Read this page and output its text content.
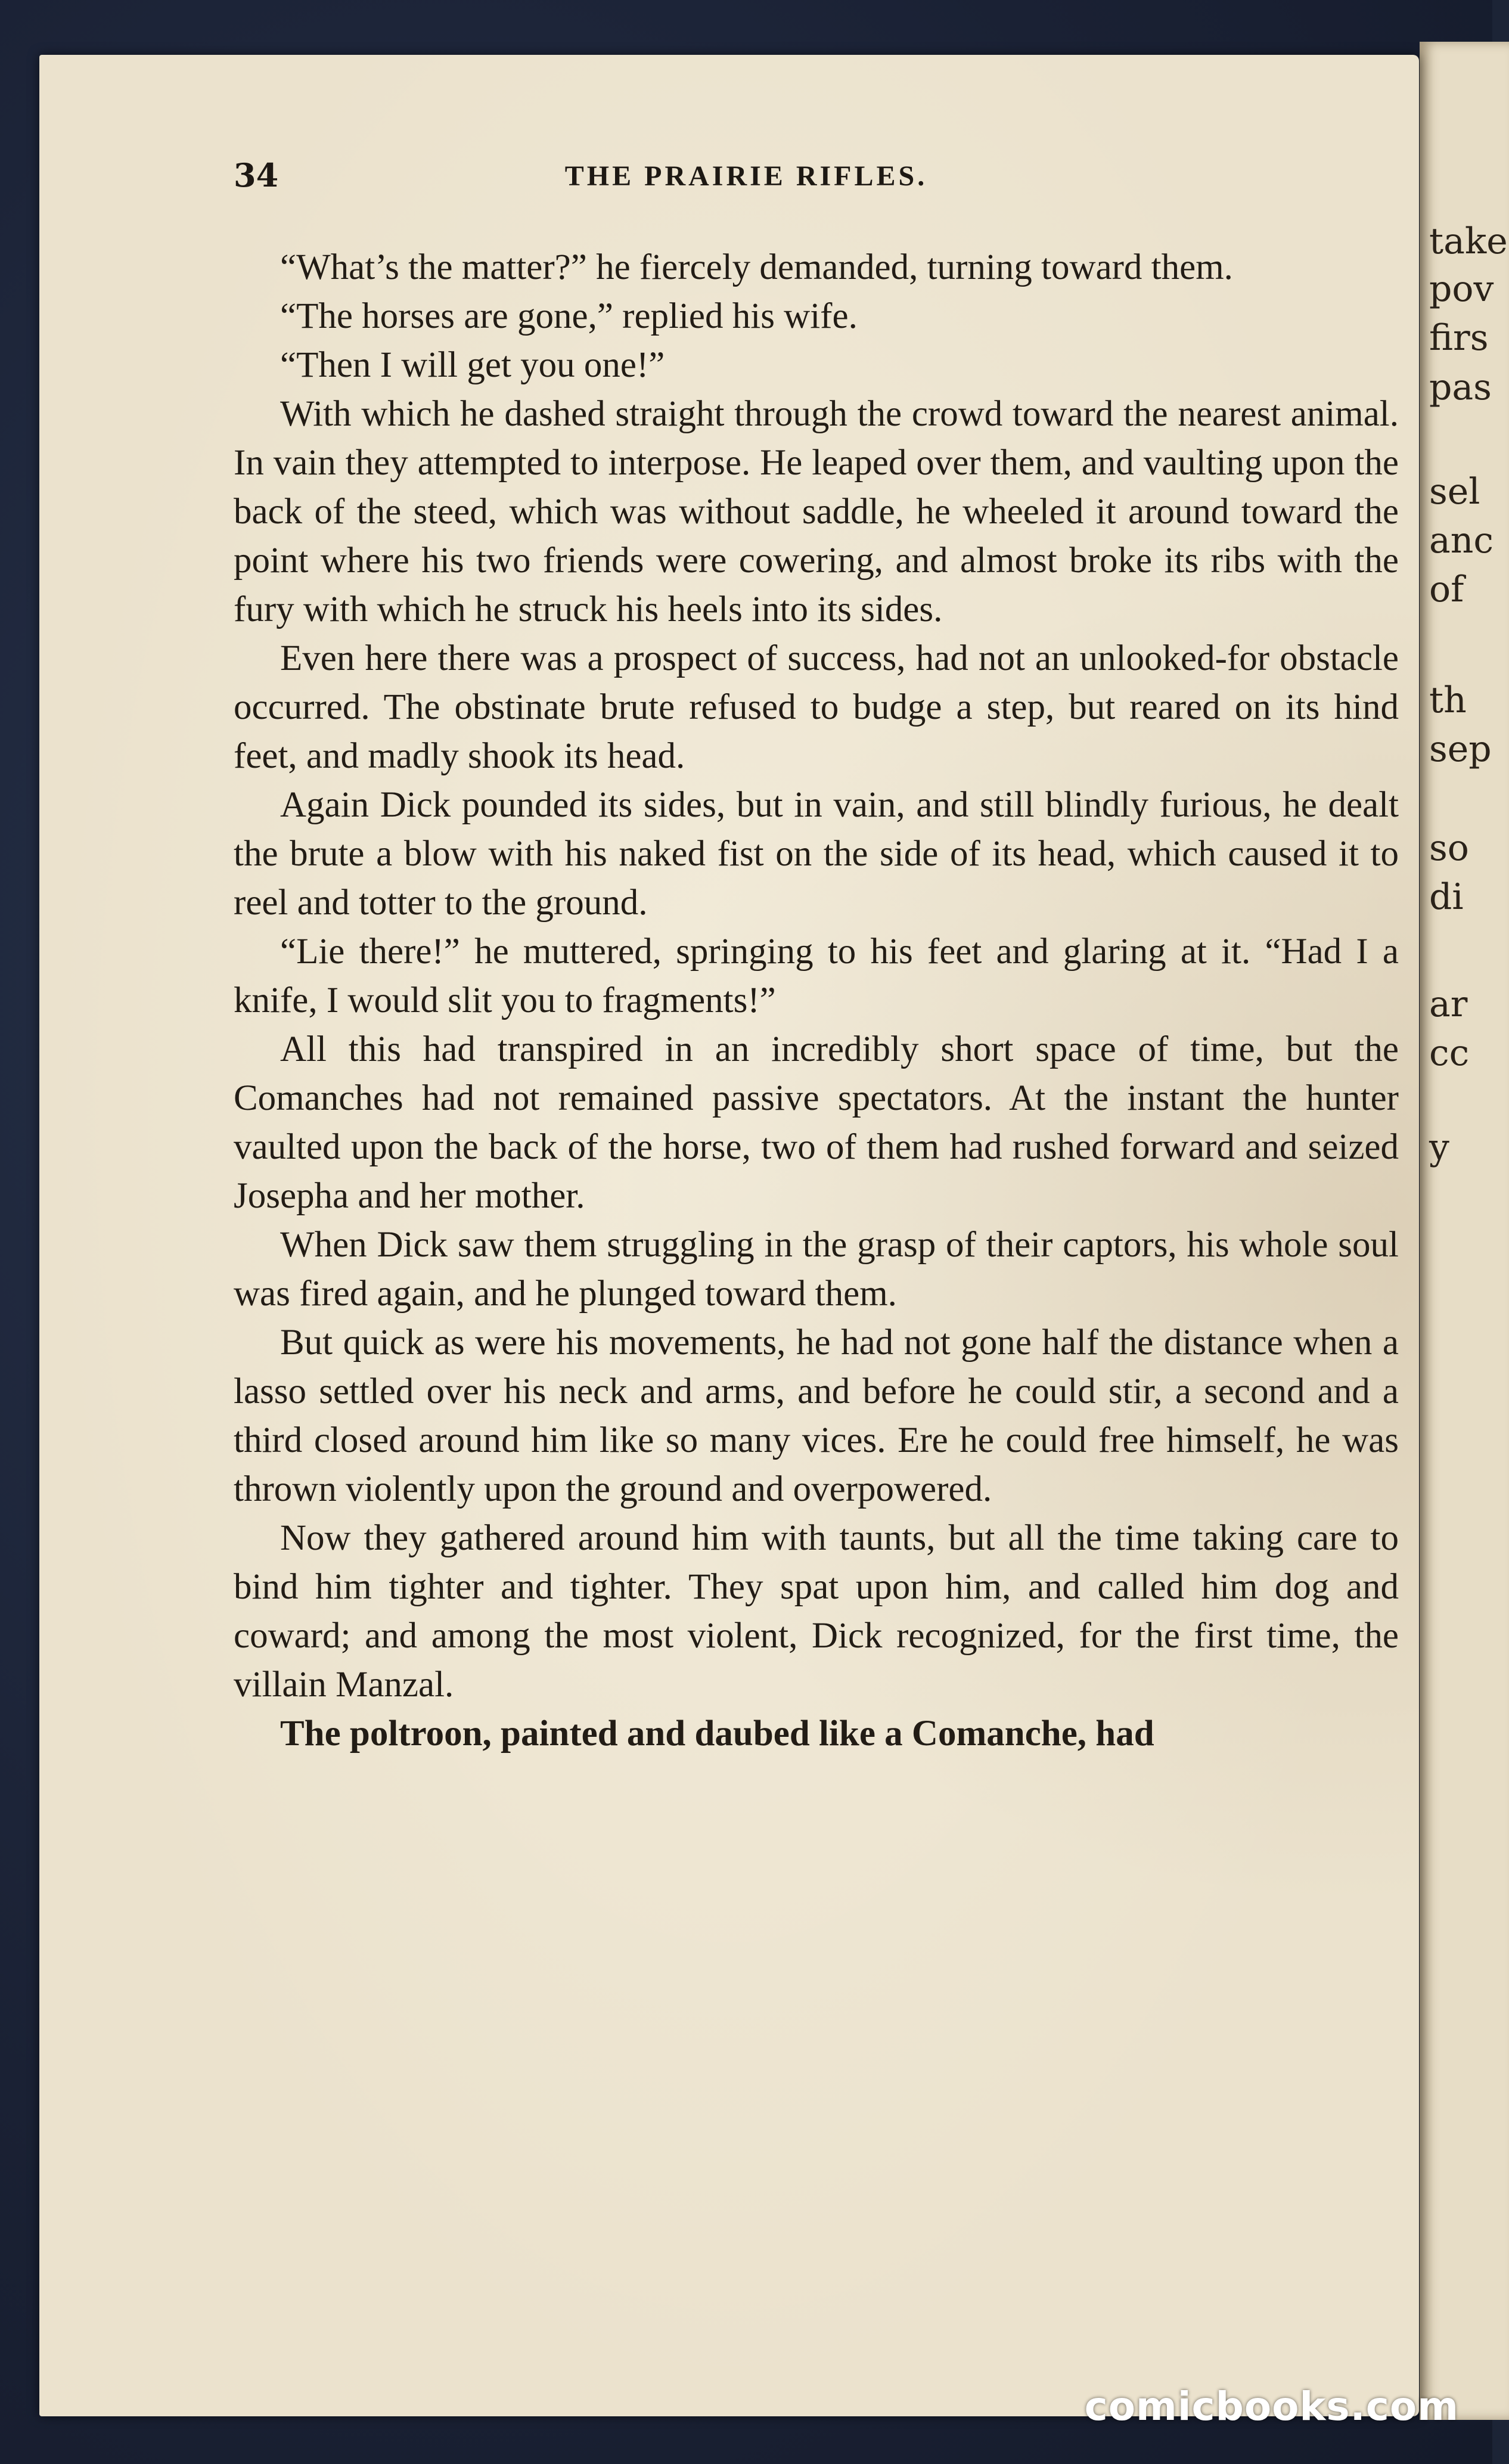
take
pov
firs
pas
sel
anc
of
th
sep
so
di
ar
cc
y
34	THE PRAIRIE RIFLES.

“What’s the matter?” he fiercely demanded, turning toward them.

“The horses are gone,” replied his wife.

“Then I will get you one!”

With which he dashed straight through the crowd toward the nearest animal. In vain they attempted to interpose. He leaped over them, and vaulting upon the back of the steed, which was without saddle, he wheeled it around toward the point where his two friends were cowering, and almost broke its ribs with the fury with which he struck his heels into its sides.

Even here there was a prospect of success, had not an unlooked-for obstacle occurred. The obstinate brute refused to budge a step, but reared on its hind feet, and madly shook its head.

Again Dick pounded its sides, but in vain, and still blindly furious, he dealt the brute a blow with his naked fist on the side of its head, which caused it to reel and totter to the ground.

“Lie there!” he muttered, springing to his feet and glaring at it. “Had I a knife, I would slit you to fragments!”

All this had transpired in an incredibly short space of time, but the Comanches had not remained passive spectators. At the instant the hunter vaulted upon the back of the horse, two of them had rushed forward and seized Josepha and her mother.

When Dick saw them struggling in the grasp of their captors, his whole soul was fired again, and he plunged toward them.

But quick as were his movements, he had not gone half the distance when a lasso settled over his neck and arms, and before he could stir, a second and a third closed around him like so many vices. Ere he could free himself, he was thrown violently upon the ground and overpowered.

Now they gathered around him with taunts, but all the time taking care to bind him tighter and tighter. They spat upon him, and called him dog and coward; and among the most violent, Dick recognized, for the first time, the villain Manzal.

The poltroon, painted and daubed like a Comanche, had

comicbooks.com
